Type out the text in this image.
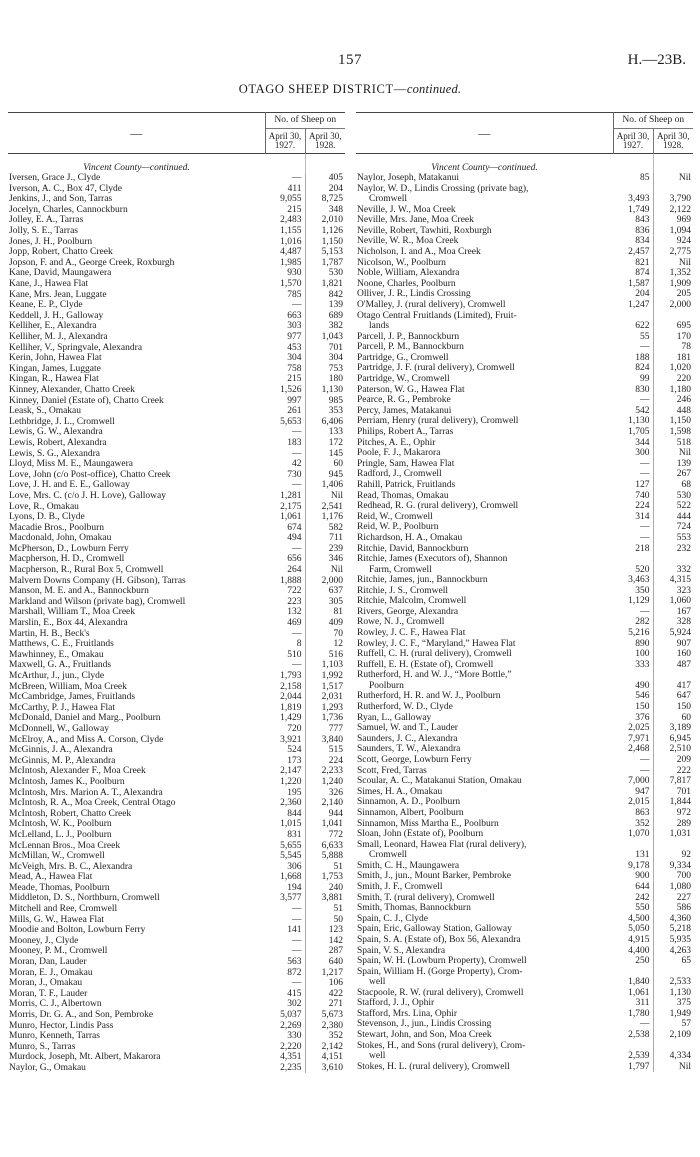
157	H.—23B.
OTAGO SHEEP DISTRICT—continued.
—	No. of Sheep on	
	April 30, 1927.	April 30, 1928.
Vincent County—continued.		
Iversen, Grace J., Clyde	—	405
Iverson, A. C., Box 47, Clyde	411	204
Jenkins, J., and Son, Tarras	9,055	8,725
Jocelyn, Charles, Cannockburn	215	348
Jolley, E. A., Tarras	2,483	2,010
Jolly, S. E., Tarras	1,155	1,126
Jones, J. H., Poolburn	1,016	1,150
Jopp, Robert, Chatto Creek	4,487	5,153
Jopson, F. and A., George Creek, Roxburgh	1,985	1,787
Kane, David, Maungawera	930	530
Kane, J., Hawea Flat	1,570	1,821
Kane, Mrs. Jean, Luggate	785	842
Keane, E. P., Clyde	—	139
Keddell, J. H., Galloway	663	689
Kelliher, E., Alexandra	303	382
Kelliher, M. J., Alexandra	977	1,043
Kelliher, V., Springvale, Alexandra	453	701
Kerin, John, Hawea Flat	304	304
Kingan, James, Luggate	758	753
Kingan, R., Hawea Flat	215	180
Kinney, Alexander, Chatto Creek	1,526	1,130
Kinney, Daniel (Estate of), Chatto Creek	997	985
Leask, S., Omakau	261	353
Lethbridge, J. L., Cromwell	5,653	6,406
Lewis, G. W., Alexandra	—	133
Lewis, Robert, Alexandra	183	172
Lewis, S. G., Alexandra	—	145
Lloyd, Miss M. E., Maungawera	42	60
Love, John (c/o Post-office), Chatto Creek	730	945
Love, J. H. and E. E., Galloway	—	1,406
Love, Mrs. C. (c/o J. H. Love), Galloway	1,281	Nil
Love, R., Omakau	2,175	2,541
Lyons, D. B., Clyde	1,061	1,176
Macadie Bros., Poolburn	674	582
Macdonald, John, Omakau	494	711
McPherson, D., Lowburn Ferry	—	239
Macpherson, H. D., Cromwell	656	346
Macpherson, R., Rural Box 5, Cromwell	264	Nil
Malvern Downs Company (H. Gibson), Tarras	1,888	2,000
Manson, M. E. and A., Bannockburn	722	637
Markland and Wilson (private bag), Cromwell	223	305
Marshall, William T., Moa Creek	132	81
Marslin, E., Box 44, Alexandra	469	409
Martin, H. B., Beck's	—	70
Matthews, C. E., Fruitlands	8	12
Mawhinney, E., Omakau	510	516
Maxwell, G. A., Fruitlands	—	1,103
McArthur, J., jun., Clyde	1,793	1,992
McBreen, William, Moa Creek	2,158	1,517
McCambridge, James, Fruitlands	2,044	2,031
McCarthy, P. J., Hawea Flat	1,819	1,293
McDonald, Daniel and Marg., Poolburn	1,429	1,736
McDonnell, W., Galloway	720	777
McElroy, A., and Miss A. Corson, Clyde	3,921	3,840
McGinnis, J. A., Alexandra	524	515
McGinnis, M. P., Alexandra	173	224
McIntosh, Alexander F., Moa Creek	2,147	2,233
McIntosh, James K., Poolburn	1,220	1,240
McIntosh, Mrs. Marion A. T., Alexandra	195	326
McIntosh, R. A., Moa Creek, Central Otago	2,360	2,140
McIntosh, Robert, Chatto Creek	844	944
McIntosh, W. K., Poolburn	1,015	1,041
McLelland, L. J., Poolburn	831	772
McLennan Bros., Moa Creek	5,655	6,633
McMillan, W., Cromwell	5,545	5,888
McVeigh, Mrs. B. C., Alexandra	306	51
Mead, A., Hawea Flat	1,668	1,753
Meade, Thomas, Poolburn	194	240
Middleton, D. S., Northburn, Cromwell	3,577	3,881
Mitchell and Ree, Cromwell	—	51
Mills, G. W., Hawea Flat	—	50
Moodie and Bolton, Lowburn Ferry	141	123
Mooney, J., Clyde	—	142
Mooney, P. M., Cromwell	—	287
Moran, Dan, Lauder	563	640
Moran, E. J., Omakau	872	1,217
Moran, J., Omakau	—	106
Moran, T. F., Lauder	415	422
Morris, C. J., Albertown	302	271
Morris, Dr. G. A., and Son, Pembroke	5,037	5,673
Munro, Hector, Lindis Pass	2,269	2,380
Munro, Kenneth, Tarras	330	352
Munro, S., Tarras	2,220	2,142
Murdock, Joseph, Mt. Albert, Makarora	4,351	4,151
Naylor, G., Omakau	2,235	3,610
—	No. of Sheep on	
	April 30, 1927.	April 30, 1928.
Vincent County—continued.		
Naylor, Joseph, Matakanui	85	Nil
Naylor, W. D., Lindis Crossing (private bag),
Cromwell	3,493	3,790
Neville, J. W., Moa Creek	1,749	2,122
Neville, Mrs. Jane, Moa Creek	843	969
Neville, Robert, Tawhiti, Roxburgh	836	1,094
Neville, W. R., Moa Creek	834	924
Nicholson, I. and A., Moa Creek	2,457	2,775
Nicolson, W., Poolburn	821	Nil
Noble, William, Alexandra	874	1,352
Noone, Charles, Poolburn	1,587	1,909
Olliver, J. R., Lindis Crossing	204	205
O'Malley, J. (rural delivery), Cromwell	1,247	2,000
Otago Central Fruitlands (Limited), Fruit-
lands	622	695
Parcell, J. P., Bannockburn	55	170
Parcell, P. M., Bannockburn	—	78
Partridge, G., Cromwell	188	181
Partridge, J. F. (rural delivery), Cromwell	824	1,020
Partridge, W., Cromwell	99	220
Paterson, W. G., Hawea Flat	830	1,180
Pearce, R. G., Pembroke	—	246
Percy, James, Matakanui	542	448
Perriam, Henry (rural delivery), Cromwell	1,130	1,150
Philips, Robert A., Tarras	1,705	1,598
Pitches, A. E., Ophir	344	518
Poole, F. J., Makarora	300	Nil
Pringle, Sam, Hawea Flat	—	139
Radford, J., Cromwell	—	267
Rahill, Patrick, Fruitlands	127	68
Read, Thomas, Omakau	740	530
Redhead, R. G. (rural delivery), Cromwell	224	522
Reid, W., Cromwell	314	444
Reid, W. P., Poolburn	—	724
Richardson, H. A., Omakau	—	553
Ritchie, David, Bannockburn	218	232
Ritchie, James (Executors of), Shannon
Farm, Cromwell	520	332
Ritchie, James, jun., Bannockburn	3,463	4,315
Ritchie, J. S., Cromwell	350	323
Ritchie, Malcolm, Cromwell	1,129	1,060
Rivers, George, Alexandra	—	167
Rowe, N. J., Cromwell	282	328
Rowley, J. C. F., Hawea Flat	5,216	5,924
Rowley, J. C. F., “Maryland,” Hawea Flat	890	907
Ruffell, C. H. (rural delivery), Cromwell	100	160
Ruffell, E. H. (Estate of), Cromwell	333	487
Rutherford, H. and W. J., “More Bottle,”
Poolburn	490	417
Rutherford, H. R. and W. J., Poolburn	546	647
Rutherford, W. D., Clyde	150	150
Ryan, L., Galloway	376	60
Samuel, W. and T., Lauder	2,025	3,189
Saunders, J. C., Alexandra	7,971	6,945
Saunders, T. W., Alexandra	2,468	2,510
Scott, George, Lowburn Ferry	—	209
Scott, Fred, Tarras	—	222
Scoular, A. C., Matakanui Station, Omakau	7,000	7,817
Simes, H. A., Omakau	947	701
Sinnamon, A. D., Poolburn	2,015	1,844
Sinnamon, Albert, Poolburn	863	972
Sinnamon, Miss Martha E., Poolburn	352	289
Sloan, John (Estate of), Poolburn	1,070	1,031
Small, Leonard, Hawea Flat (rural delivery),
Cromwell	131	92
Smith, C. H., Maungawera	9,178	9,334
Smith, J., jun., Mount Barker, Pembroke	900	700
Smith, J. F., Cromwell	644	1,080
Smith, T. (rural delivery), Cromwell	242	227
Smith, Thomas, Bannockburn	550	586
Spain, C. J., Clyde	4,500	4,360
Spain, Eric, Galloway Station, Galloway	5,050	5,218
Spain, S. A. (Estate of), Box 56, Alexandra	4,915	5,935
Spain, V. S., Alexandra	4,400	4,263
Spain, W. H. (Lowburn Property), Cromwell	250	65
Spain, William H. (Gorge Property), Crom-
well	1,840	2,533
Stacpoole, R. W. (rural delivery), Cromwell	1,061	1,130
Stafford, J. J., Ophir	311	375
Stafford, Mrs. Lina, Ophir	1,780	1,949
Stevenson, J., jun., Lindis Crossing	—	57
Stewart, John, and Son, Moa Creek	2,538	2,109
Stokes, H., and Sons (rural delivery), Crom-
well	2,539	4,334
Stokes, H. L. (rural delivery), Cromwell	1,797	Nil
